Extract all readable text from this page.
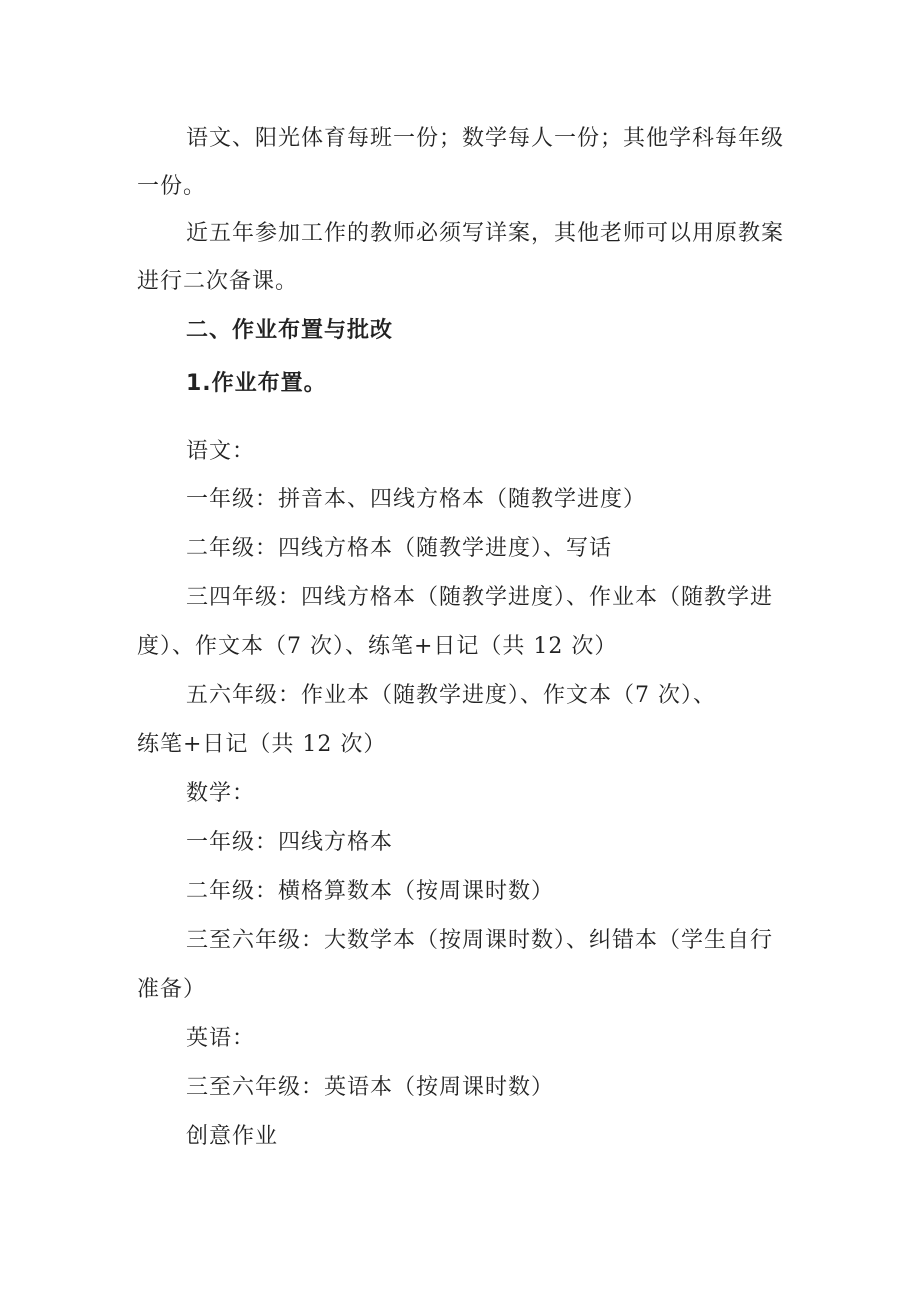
语文、阳光体育每班一份；数学每人一份；其他学科每年级
一份。
近五年参加工作的教师必须写详案，其他老师可以用原教案
进行二次备课。
二、作业布置与批改
1.作业布置。
语文：
一年级：拼音本、四线方格本（随教学进度）
二年级：四线方格本（随教学进度）、写话
三四年级：四线方格本（随教学进度）、作业本（随教学进
度）、作文本（7 次）、练笔+日记（共 12 次）
五六年级：作业本（随教学进度）、作文本（7 次）、
练笔+日记（共 12 次）
数学：
一年级：四线方格本
二年级：横格算数本（按周课时数）
三至六年级：大数学本（按周课时数）、纠错本（学生自行
准备）
英语：
三至六年级：英语本（按周课时数）
创意作业
